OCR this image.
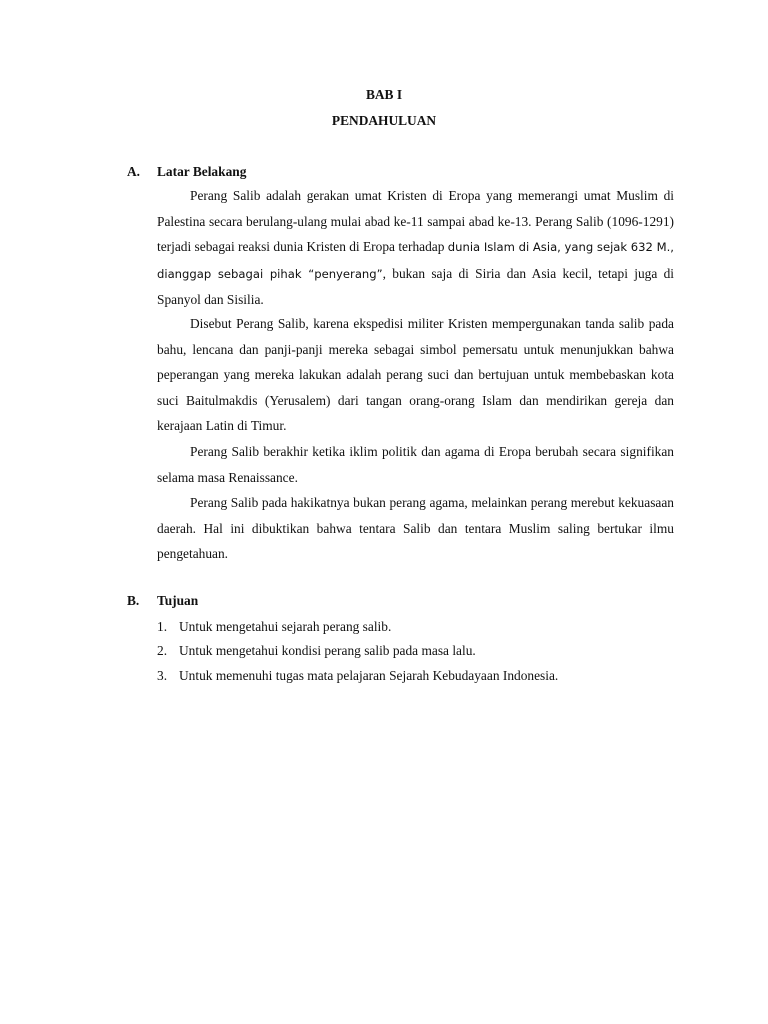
BAB I
PENDAHULUAN
A. Latar Belakang

Perang Salib adalah gerakan umat Kristen di Eropa yang memerangi umat Muslim di Palestina secara berulang-ulang mulai abad ke-11 sampai abad ke-13. Perang Salib (1096-1291) terjadi sebagai reaksi dunia Kristen di Eropa terhadap dunia Islam di Asia, yang sejak 632 M., dianggap sebagai pihak “penyerang”, bukan saja di Siria dan Asia kecil, tetapi juga di Spanyol dan Sisilia.

Disebut Perang Salib, karena ekspedisi militer Kristen mempergunakan tanda salib pada bahu, lencana dan panji-panji mereka sebagai simbol pemersatu untuk menunjukkan bahwa peperangan yang mereka lakukan adalah perang suci dan bertujuan untuk membebaskan kota suci Baitulmakdis (Yerusalem) dari tangan orang-orang Islam dan mendirikan gereja dan kerajaan Latin di Timur.

Perang Salib berakhir ketika iklim politik dan agama di Eropa berubah secara signifikan selama masa Renaissance.

Perang Salib pada hakikatnya bukan perang agama, melainkan perang merebut kekuasaan daerah. Hal ini dibuktikan bahwa tentara Salib dan tentara Muslim saling bertukar ilmu pengetahuan.

B. Tujuan
1. Untuk mengetahui sejarah perang salib.
2. Untuk mengetahui kondisi perang salib pada masa lalu.
3. Untuk memenuhi tugas mata pelajaran Sejarah Kebudayaan Indonesia.
